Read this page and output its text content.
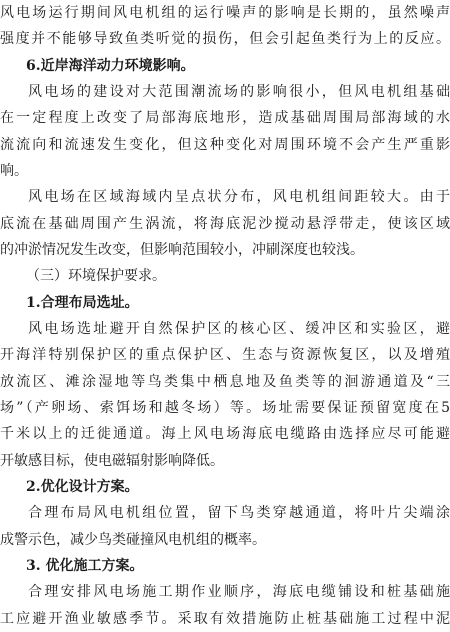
风电场运行期间风电机组的运行噪声的影响是长期的，虽然噪声
强度并不能够导致鱼类听觉的损伤，但会引起鱼类行为上的反应。
6.近岸海洋动力环境影响。
风电场的建设对大范围潮流场的影响很小，但风电机组基础
在一定程度上改变了局部海底地形，造成基础周围局部海域的水
流流向和流速发生变化，但这种变化对周围环境不会产生严重影
响。
风电场在区域海域内呈点状分布，风电机组间距较大。由于
底流在基础周围产生涡流，将海底泥沙搅动悬浮带走，使该区域
的冲淤情况发生改变，但影响范围较小，冲刷深度也较浅。
（三）环境保护要求。
1.合理布局选址。
风电场选址避开自然保护区的核心区、缓冲区和实验区，避
开海洋特别保护区的重点保护区、生态与资源恢复区，以及增殖
放流区、滩涂湿地等鸟类集中栖息地及鱼类等的洄游通道及“三
场”（产卵场、索饵场和越冬场）等。场址需要保证预留宽度在5
千米以上的迁徙通道。海上风电场海底电缆路由选择应尽可能避
开敏感目标，使电磁辐射影响降低。
2.优化设计方案。
合理布局风电机组位置，留下鸟类穿越通道，将叶片尖端涂
成警示色，减少鸟类碰撞风电机组的概率。
3. 优化施工方案。
合理安排风电场施工期作业顺序，海底电缆铺设和桩基础施
工应避开渔业敏感季节。采取有效措施防止桩基础施工过程中泥
